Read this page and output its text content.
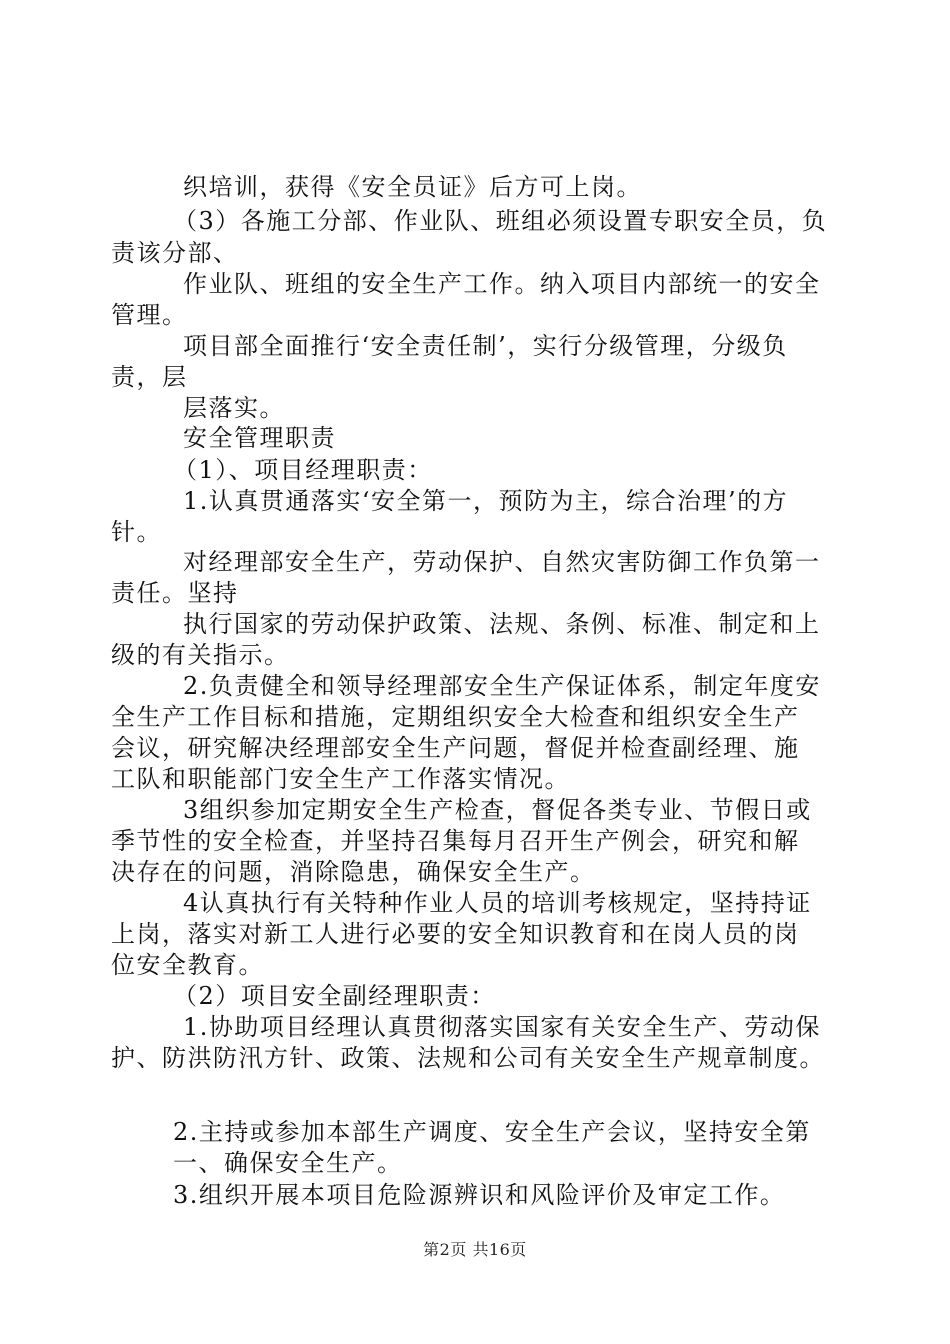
织培训，获得《安全员证》后方可上岗。
（3）各施工分部、作业队、班组必须设置专职安全员，负
责该分部、
作业队、班组的安全生产工作。纳入项目内部统一的安全
管理。
项目部全面推行‘安全责任制’，实行分级管理，分级负
责，层
层落实。
安全管理职责
（1）、项目经理职责：
1.认真贯通落实‘安全第一，预防为主，综合治理’的方
针。
对经理部安全生产，劳动保护、自然灾害防御工作负第一
责任。坚持
执行国家的劳动保护政策、法规、条例、标准、制定和上
级的有关指示。
2.负责健全和领导经理部安全生产保证体系，制定年度安
全生产工作目标和措施，定期组织安全大检查和组织安全生产
会议，研究解决经理部安全生产问题，督促并检查副经理、施
工队和职能部门安全生产工作落实情况。
3组织参加定期安全生产检查，督促各类专业、节假日或
季节性的安全检查，并坚持召集每月召开生产例会，研究和解
决存在的问题，消除隐患，确保安全生产。
4认真执行有关特种作业人员的培训考核规定，坚持持证
上岗，落实对新工人进行必要的安全知识教育和在岗人员的岗
位安全教育。
（2）项目安全副经理职责：
1.协助项目经理认真贯彻落实国家有关安全生产、劳动保
护、防洪防汛方针、政策、法规和公司有关安全生产规章制度。
2.主持或参加本部生产调度、安全生产会议，坚持安全第
一、确保安全生产。
3.组织开展本项目危险源辨识和风险评价及审定工作。
第2页 共16页
